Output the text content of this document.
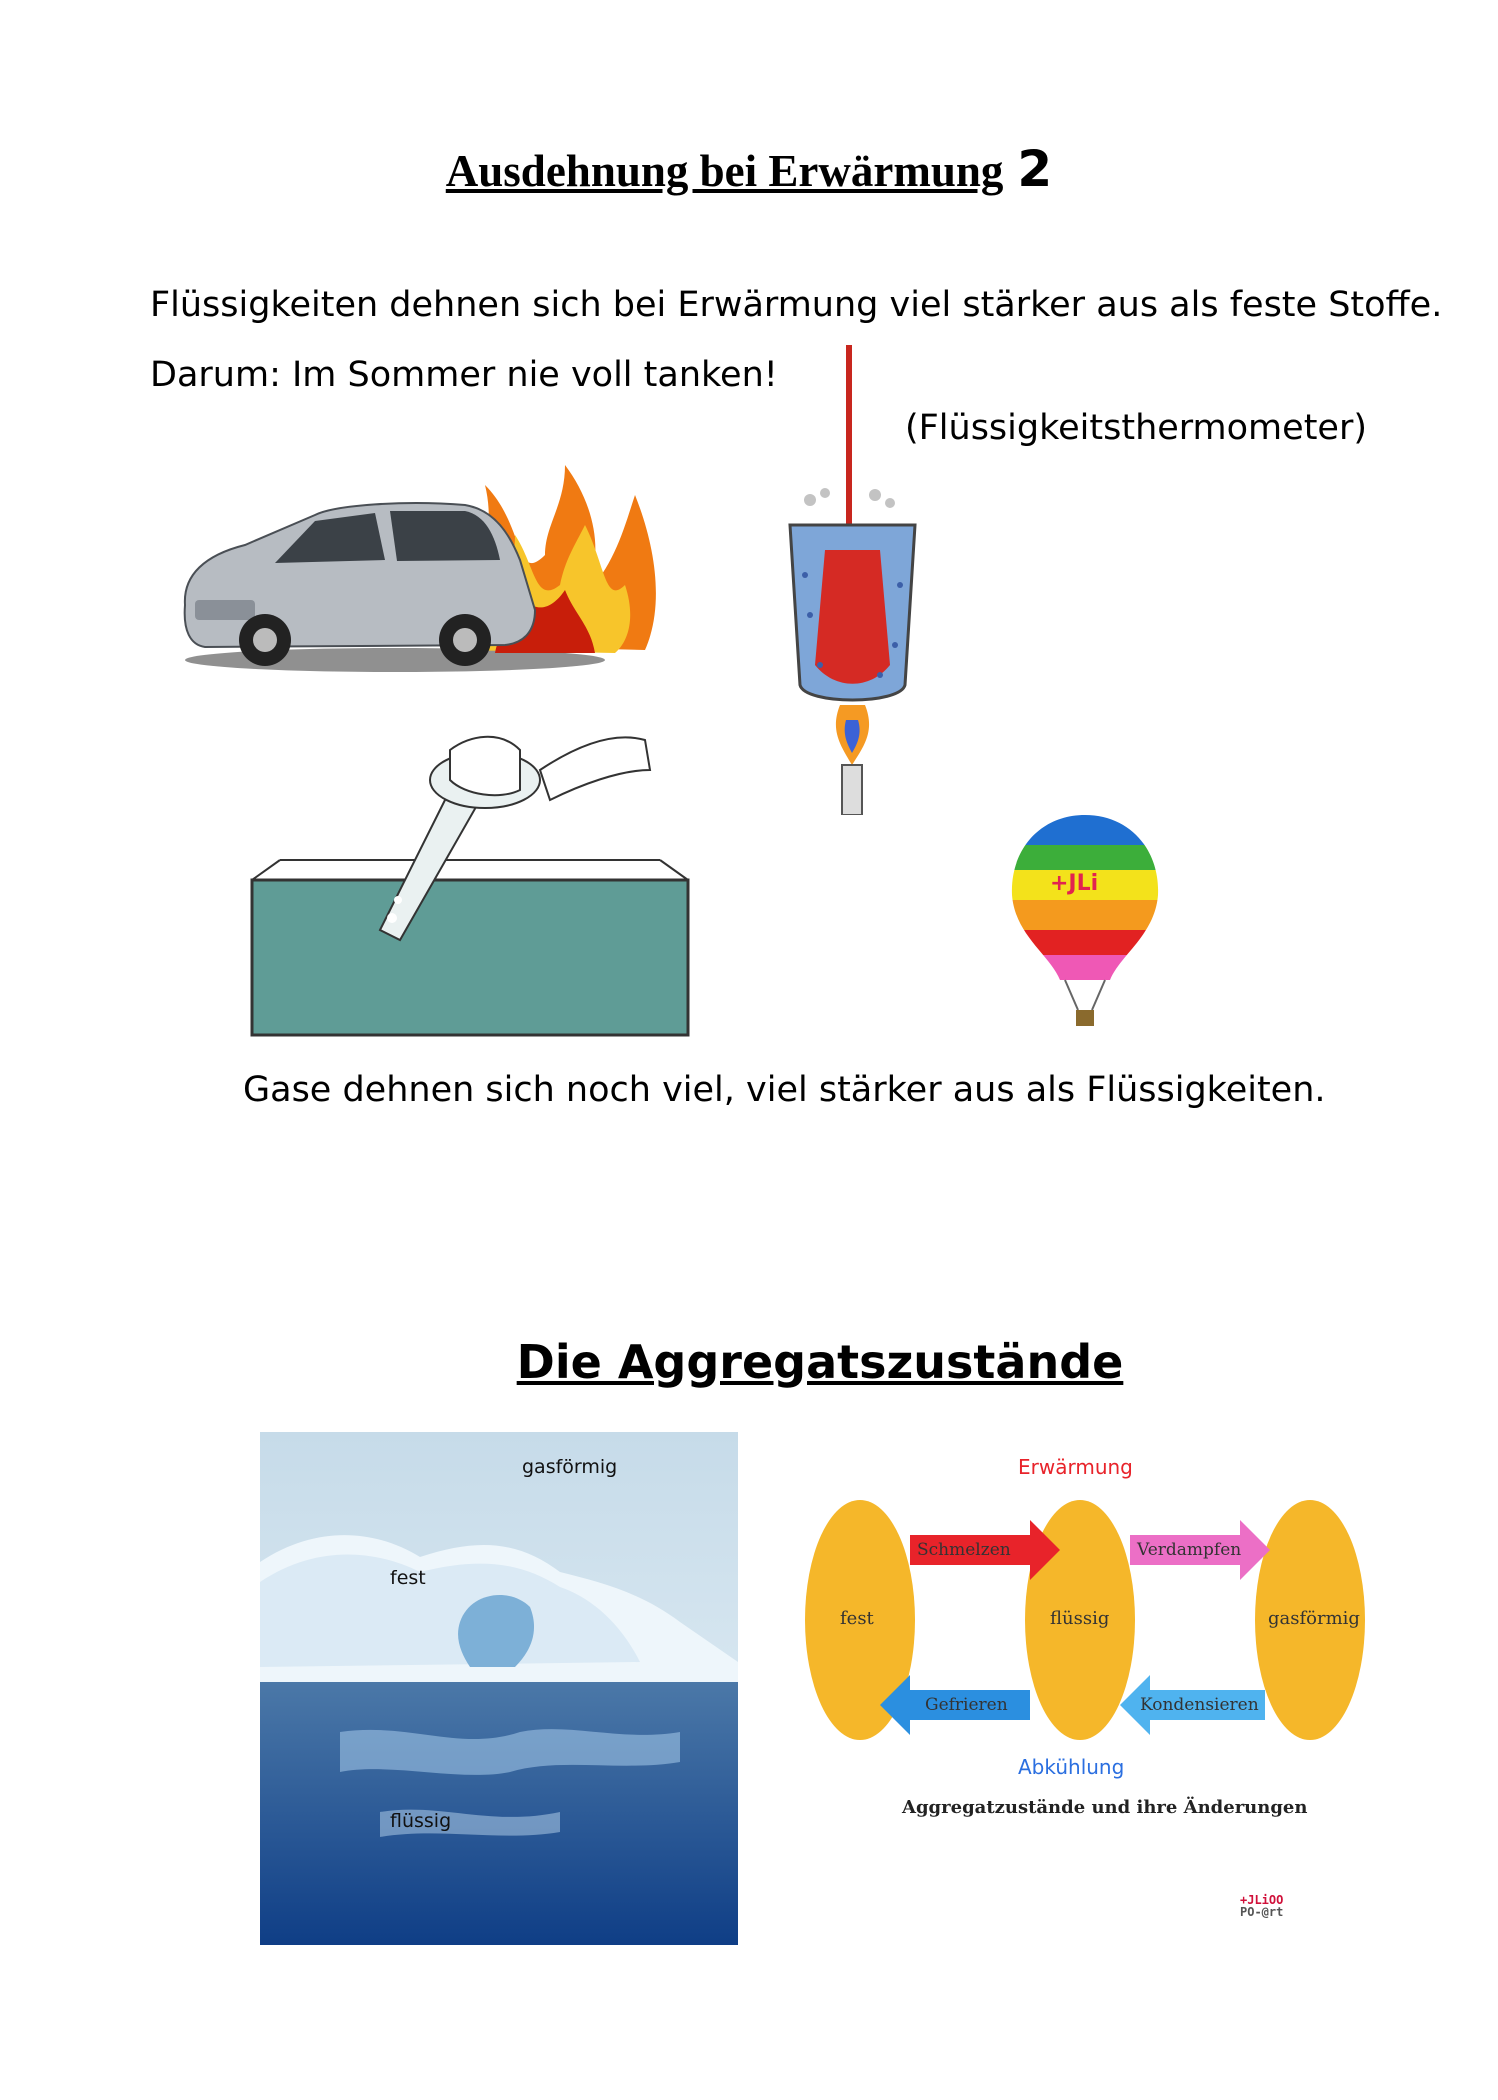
Ausdehnung bei Erwärmung 2
Flüssigkeiten dehnen sich bei Erwärmung viel stärker aus als feste Stoffe.
Darum: Im Sommer nie voll tanken!
(Flüssigkeitsthermometer)
+JLi
Gase dehnen sich noch viel, viel stärker aus als Flüssigkeiten.
Die Aggregatszustände
gasförmig
fest
flüssig
Erwärmung
Schmelzen	Verdampfen
Gefrieren	Kondensieren
fest	flüssig	gasförmig
Abkühlung
Aggregatzustände und ihre Änderungen
+JLiOO
PO-@rt
